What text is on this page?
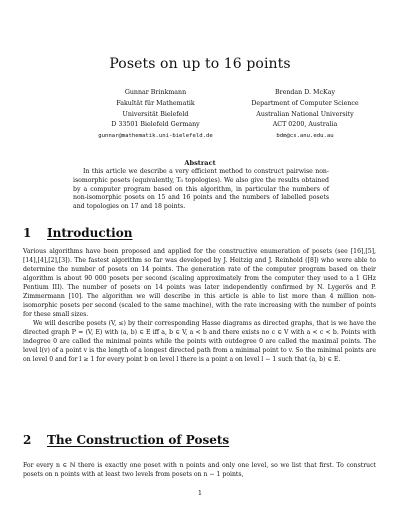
Posets on up to 16 points
Gunnar Brinkmann
Fakultät für Mathematik
Universität Bielefeld
D 33501 Bielefeld Germany
gunnar@mathematik.uni-bielefeld.de
Brendan D. McKay
Department of Computer Science
Australian National University
ACT 0200, Australia
bdm@cs.anu.edu.au
Abstract

In this article we describe a very efficient method to construct pairwise non-isomorphic posets (equivalently, T₀ topologies). We also give the results obtained by a computer program based on this algorithm, in particular the numbers of non-isomorphic posets on 15 and 16 points and the numbers of labelled posets and topologies on 17 and 18 points.

1 Introduction

Various algorithms have been proposed and applied for the constructive enumeration of posets (see [16],[5],[14],[4],[2],[3]). The fastest algorithm so far was developed by J. Heitzig and J. Reinhold ([8]) who were able to determine the number of posets on 14 points. The generation rate of the computer program based on their algorithm is about 90 000 posets per second (scaling approximately from the computer they used to a 1 GHz Pentium III). The number of posets on 14 points was later independently confirmed by N. Lygerös and P. Zimmermann [10]. The algorithm we will describe in this article is able to list more than 4 million non-isomorphic posets per second (scaled to the same machine), with the rate increasing with the number of points for these small sizes.

We will describe posets (V, ≤) by their corresponding Hasse diagrams as directed graphs, that is we have the directed graph P = (V, E) with (a, b) ∈ E iff a, b ∈ V, a < b and there exists no c ∈ V with a < c < b. Points with indegree 0 are called the minimal points while the points with outdegree 0 are called the maximal points. The level l(v) of a point v is the length of a longest directed path from a minimal point to v. So the minimal points are on level 0 and for l ≥ 1 for every point b on level l there is a point a on level l − 1 such that (a, b) ∈ E.

2 The Construction of Posets

For every n ∈ ℕ there is exactly one poset with n points and only one level, so we list that first. To construct posets on n points with at least two levels from posets on n − 1 points,

1
